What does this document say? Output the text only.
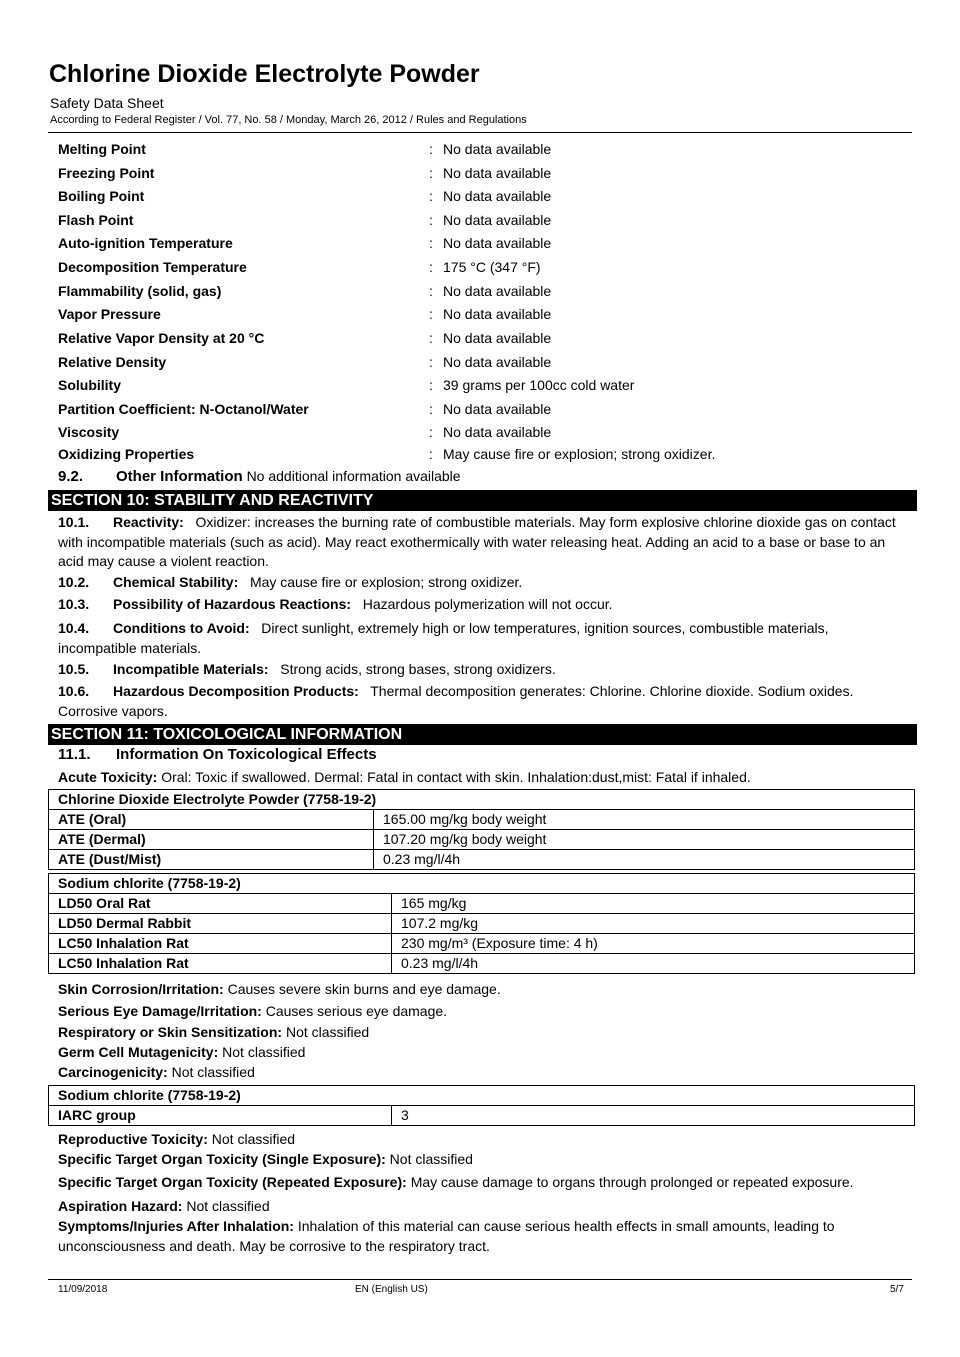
Chlorine Dioxide Electrolyte Powder
Safety Data Sheet
According to Federal Register / Vol. 77, No. 58 / Monday, March 26, 2012 / Rules and Regulations
Melting Point	: No data available
Freezing Point	: No data available
Boiling Point	: No data available
Flash Point	: No data available
Auto-ignition Temperature	: No data available
Decomposition Temperature	: 175 °C (347 °F)
Flammability (solid, gas)	: No data available
Vapor Pressure	: No data available
Relative Vapor Density at 20 °C	: No data available
Relative Density	: No data available
Solubility	: 39 grams per 100cc cold water
Partition Coefficient: N-Octanol/Water	: No data available
Viscosity	: No data available
Oxidizing Properties	: May cause fire or explosion; strong oxidizer.
9.2. Other Information No additional information available
SECTION 10: STABILITY AND REACTIVITY
10.1. Reactivity: Oxidizer: increases the burning rate of combustible materials. May form explosive chlorine dioxide gas on contact with incompatible materials (such as acid). May react exothermically with water releasing heat. Adding an acid to a base or base to an acid may cause a violent reaction.
10.2. Chemical Stability: May cause fire or explosion; strong oxidizer.
10.3. Possibility of Hazardous Reactions: Hazardous polymerization will not occur.
10.4. Conditions to Avoid: Direct sunlight, extremely high or low temperatures, ignition sources, combustible materials, incompatible materials.
10.5. Incompatible Materials: Strong acids, strong bases, strong oxidizers.
10.6. Hazardous Decomposition Products: Thermal decomposition generates: Chlorine. Chlorine dioxide. Sodium oxides. Corrosive vapors.
SECTION 11: TOXICOLOGICAL INFORMATION
11.1. Information On Toxicological Effects
Acute Toxicity: Oral: Toxic if swallowed. Dermal: Fatal in contact with skin. Inhalation:dust,mist: Fatal if inhaled.
Chlorine Dioxide Electrolyte Powder (7758-19-2)	
ATE (Oral)	165.00 mg/kg body weight
ATE (Dermal)	107.20 mg/kg body weight
ATE (Dust/Mist)	0.23 mg/l/4h
Sodium chlorite (7758-19-2)	
LD50 Oral Rat	165 mg/kg
LD50 Dermal Rabbit	107.2 mg/kg
LC50 Inhalation Rat	230 mg/m³ (Exposure time: 4 h)
LC50 Inhalation Rat	0.23 mg/l/4h
Skin Corrosion/Irritation: Causes severe skin burns and eye damage.
Serious Eye Damage/Irritation: Causes serious eye damage.
Respiratory or Skin Sensitization: Not classified
Germ Cell Mutagenicity: Not classified
Carcinogenicity: Not classified
Sodium chlorite (7758-19-2)
IARC group	3
Reproductive Toxicity: Not classified
Specific Target Organ Toxicity (Single Exposure): Not classified
Specific Target Organ Toxicity (Repeated Exposure): May cause damage to organs through prolonged or repeated exposure.
Aspiration Hazard: Not classified
Symptoms/Injuries After Inhalation: Inhalation of this material can cause serious health effects in small amounts, leading to unconsciousness and death. May be corrosive to the respiratory tract.
11/09/2018	EN (English US)	5/7
